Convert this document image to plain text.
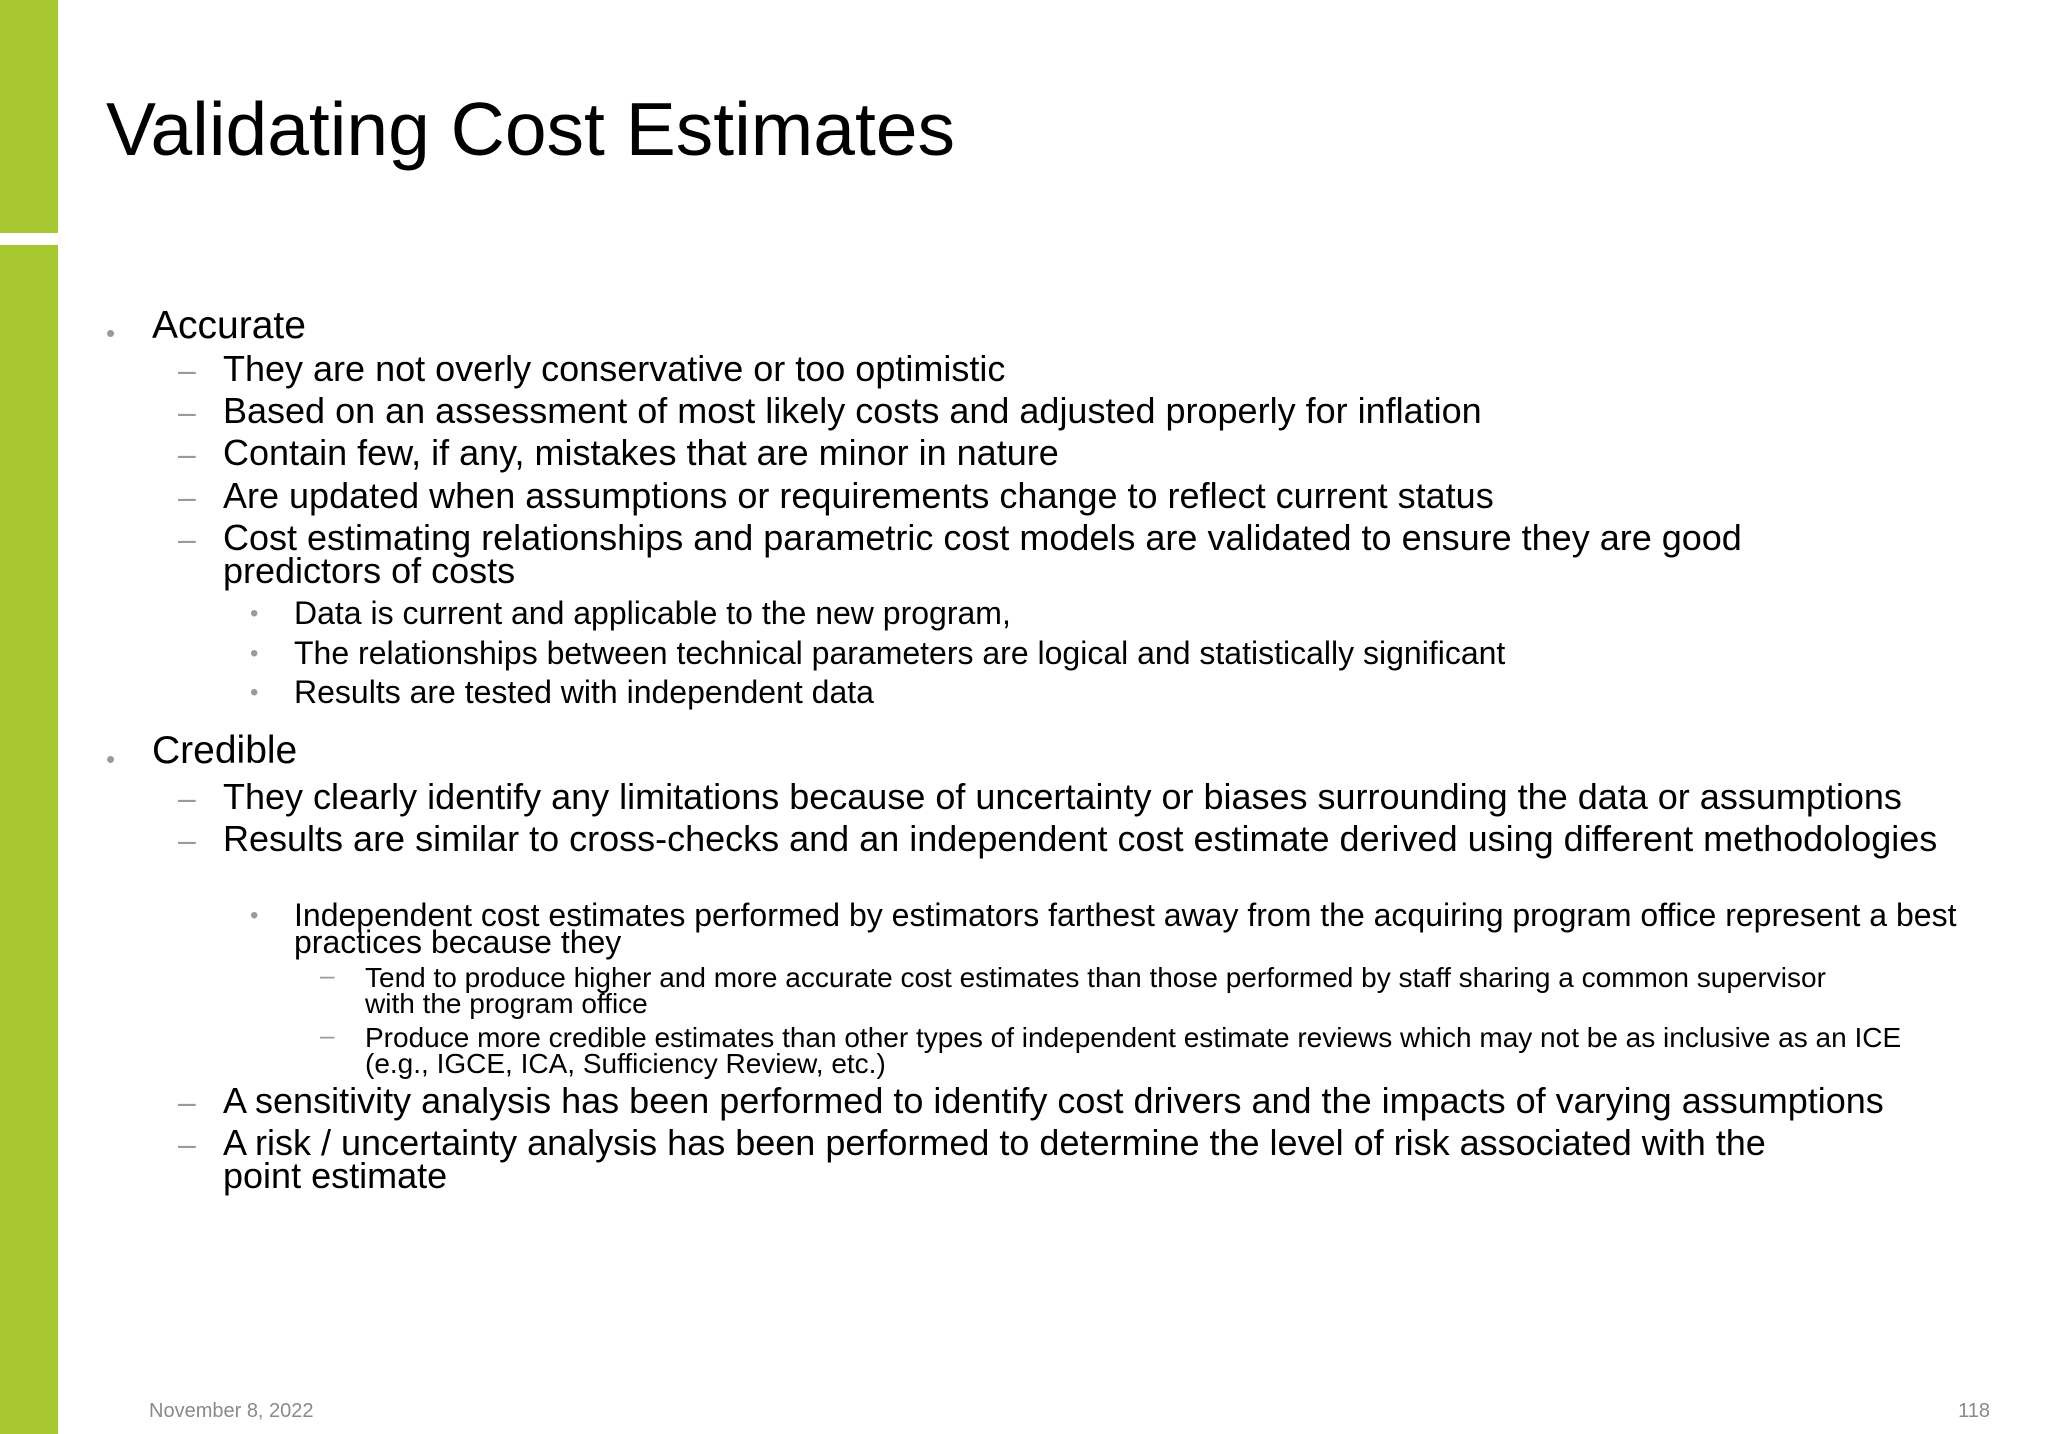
Validating Cost Estimates
• Accurate
– They are not overly conservative or too optimistic
– Based on an assessment of most likely costs and adjusted properly for inflation
– Contain few, if any, mistakes that are minor in nature
– Are updated when assumptions or requirements change to reflect current status
– Cost estimating relationships and parametric cost models are validated to ensure they are good
predictors of costs
• Data is current and applicable to the new program,
• The relationships between technical parameters are logical and statistically significant
• Results are tested with independent data
• Credible
– They clearly identify any limitations because of uncertainty or biases surrounding the data or assumptions
– Results are similar to cross-checks and an independent cost estimate derived using different methodologies
• Independent cost estimates performed by estimators farthest away from the acquiring program office represent a best
practices because they
– Tend to produce higher and more accurate cost estimates than those performed by staff sharing a common supervisor
with the program office
– Produce more credible estimates than other types of independent estimate reviews which may not be as inclusive as an ICE
(e.g., IGCE, ICA, Sufficiency Review, etc.)
– A sensitivity analysis has been performed to identify cost drivers and the impacts of varying assumptions
– A risk / uncertainty analysis has been performed to determine the level of risk associated with the
point estimate
November 8, 2022	118
